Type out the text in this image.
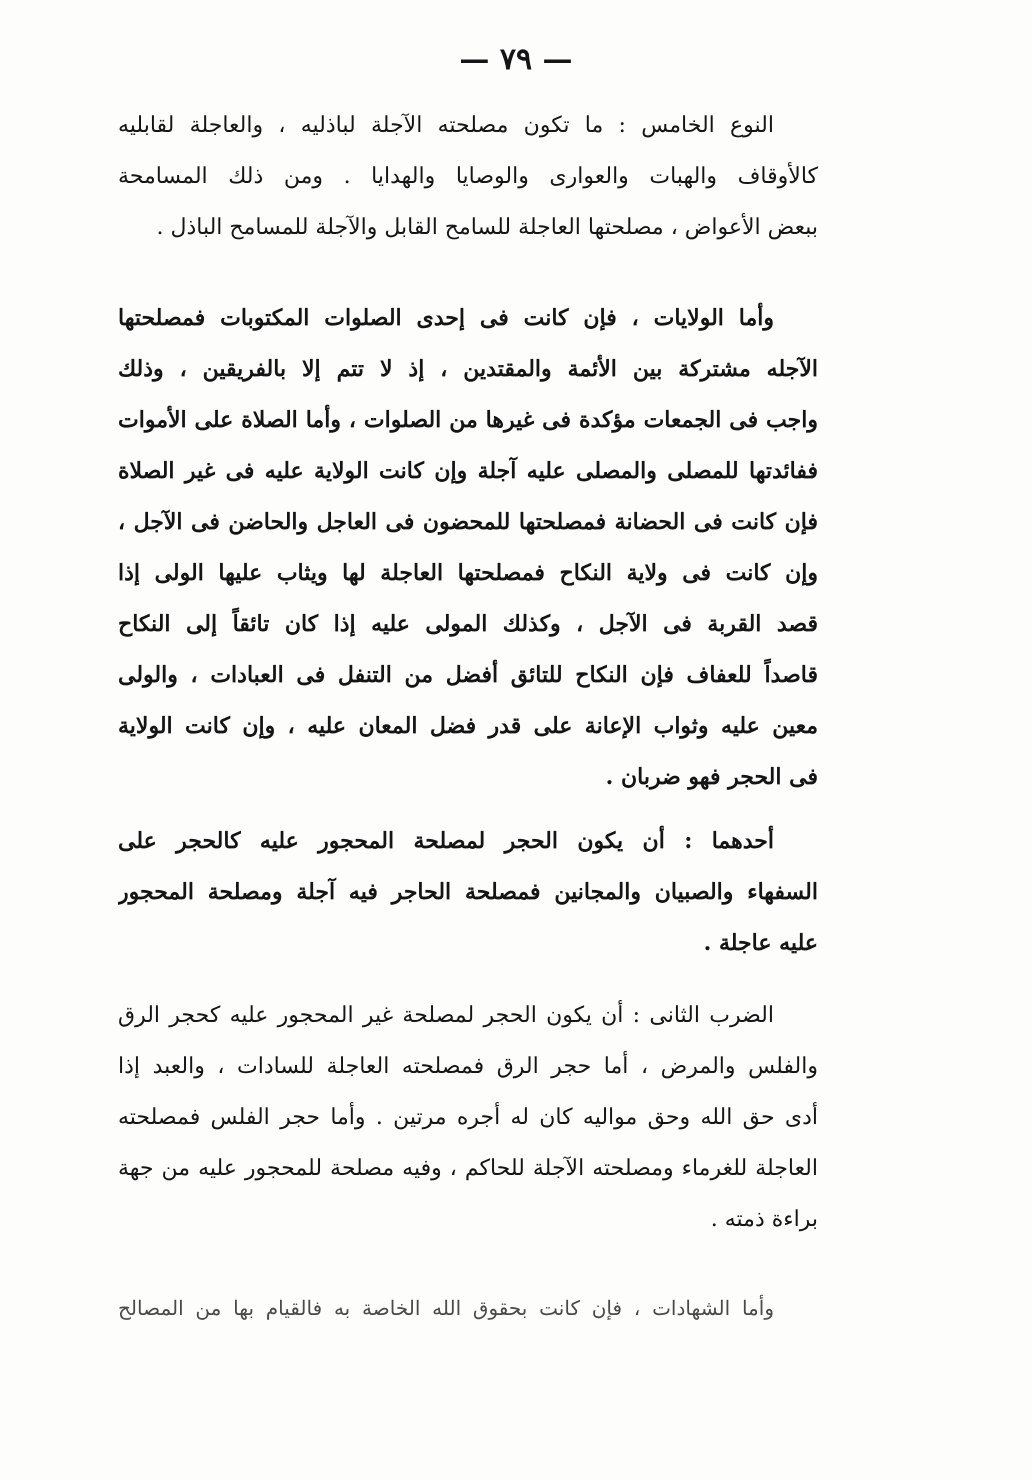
— ٧٩ —
النوع الخامس : ما تكون مصلحته الآجلة لباذليه ، والعاجلة لقابليه
كالأوقاف والهبات والعوارى والوصايا والهدايا . ومن ذلك المسامحة
ببعض الأعواض ، مصلحتها العاجلة للسامح القابل والآجلة للمسامح الباذل .
وأما الولايات ، فإن كانت فى إحدى الصلوات المكتوبات فمصلحتها
الآجله مشتركة بين الأئمة والمقتدين ، إذ لا تتم إلا بالفريقين ، وذلك
واجب فى الجمعات مؤكدة فى غيرها من الصلوات ، وأما الصلاة على الأموات
ففائدتها للمصلى والمصلى عليه آجلة وإن كانت الولاية عليه فى غير الصلاة
فإن كانت فى الحضانة فمصلحتها للمحضون فى العاجل والحاضن فى الآجل ،
وإن كانت فى ولاية النكاح فمصلحتها العاجلة لها ويثاب عليها الولى إذا
قصد القربة فى الآجل ، وكذلك المولى عليه إذا كان تائقاً إلى النكاح
قاصداً للعفاف فإن النكاح للتائق أفضل من التنفل فى العبادات ، والولى
معين عليه وثواب الإعانة على قدر فضل المعان عليه ، وإن كانت الولاية
فى الحجر فهو ضربان .
أحدهما : أن يكون الحجر لمصلحة المحجور عليه كالحجر على
السفهاء والصبيان والمجانين فمصلحة الحاجر فيه آجلة ومصلحة المحجور
عليه عاجلة .
الضرب الثانى : أن يكون الحجر لمصلحة غير المحجور عليه كحجر الرق
والفلس والمرض ، أما حجر الرق فمصلحته العاجلة للسادات ، والعبد إذا
أدى حق الله وحق مواليه كان له أجره مرتين . وأما حجر الفلس فمصلحته
العاجلة للغرماء ومصلحته الآجلة للحاكم ، وفيه مصلحة للمحجور عليه من جهة
براءة ذمته .
وأما الشهادات ، فإن كانت بحقوق الله الخاصة به فالقيام بها من المصالح
